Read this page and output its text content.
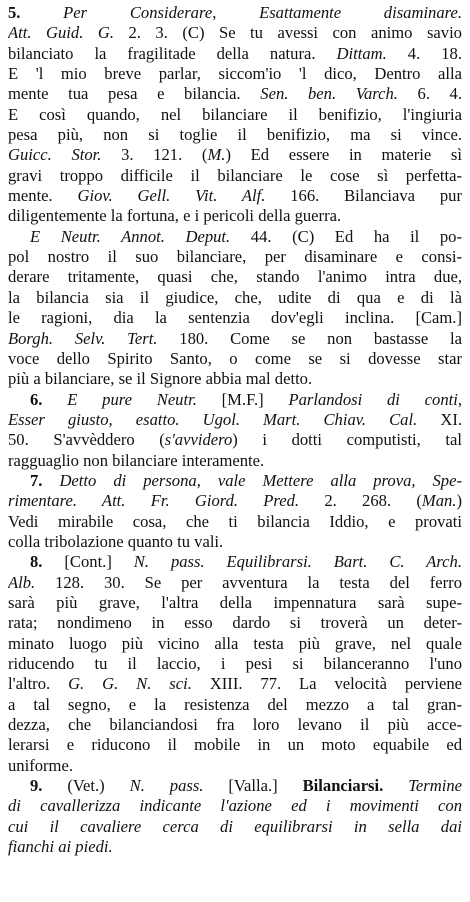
5.	Per Considerare, Esattamente disaminare.
Att. Guid. G. 2. 3. (C) Se tu avessi con animo savio
bilanciato la fragilitade della natura. Dittam. 4. 18.
E 'l mio breve parlar, siccom'io 'l dico, Dentro alla
mente tua pesa e bilancia. Sen. ben. Varch. 6. 4.
E così quando, nel bilanciare il benifizio, l'ingiuria
pesa più, non si toglie il benifizio, ma si vince.
Guicc. Stor. 3. 121. (M.) Ed essere in materie sì
gravi troppo difficile il bilanciare le cose sì perfetta-
mente. Giov. Gell. Vit. Alf. 166. Bilanciava pur
diligentemente la fortuna, e i pericoli della guerra.
E Neutr. Annot. Deput. 44. (C) Ed ha il po-
pol nostro il suo bilanciare, per disaminare e consi-
derare tritamente, quasi che, stando l'animo intra due,
la bilancia sia il giudice, che, udite di qua e di là
le ragioni, dia la sentenzia dov'egli inclina. [Cam.]
Borgh. Selv. Tert. 180. Come se non bastasse la
voce dello Spirito Santo, o come se si dovesse star
più a bilanciare, se il Signore abbia mal detto.
6. E pure Neutr. [M.F.] Parlandosi di conti,
Esser giusto, esatto. Ugol. Mart. Chiav. Cal. XI.
50. S'avvèddero (s'avvidero) i dotti computisti, tal
ragguaglio non bilanciare interamente.
7. Detto di persona, vale Mettere alla prova, Spe-
rimentare. Att. Fr. Giord. Pred. 2. 268. (Man.)
Vedi mirabile cosa, che ti bilancia Iddio, e provati
colla tribolazione quanto tu vali.
8. [Cont.] N. pass. Equilibrarsi. Bart. C. Arch.
Alb. 128. 30. Se per avventura la testa del ferro
sarà più grave, l'altra della impennatura sarà supe-
rata; nondimeno in esso dardo si troverà un deter-
minato luogo più vicino alla testa più grave, nel quale
riducendo tu il laccio, i pesi si bilanceranno l'uno
l'altro. G. G. N. sci. XIII. 77. La velocità perviene
a tal segno, e la resistenza del mezzo a tal gran-
dezza, che bilanciandosi fra loro levano il più acce-
lerarsi e riducono il mobile in un moto equabile ed
uniforme.
9. (Vet.) N. pass. [Valla.] Bilanciarsi. Termine
di cavallerizza indicante l'azione ed i movimenti con
cui il cavaliere cerca di equilibrarsi in sella dai
fianchi ai piedi.
